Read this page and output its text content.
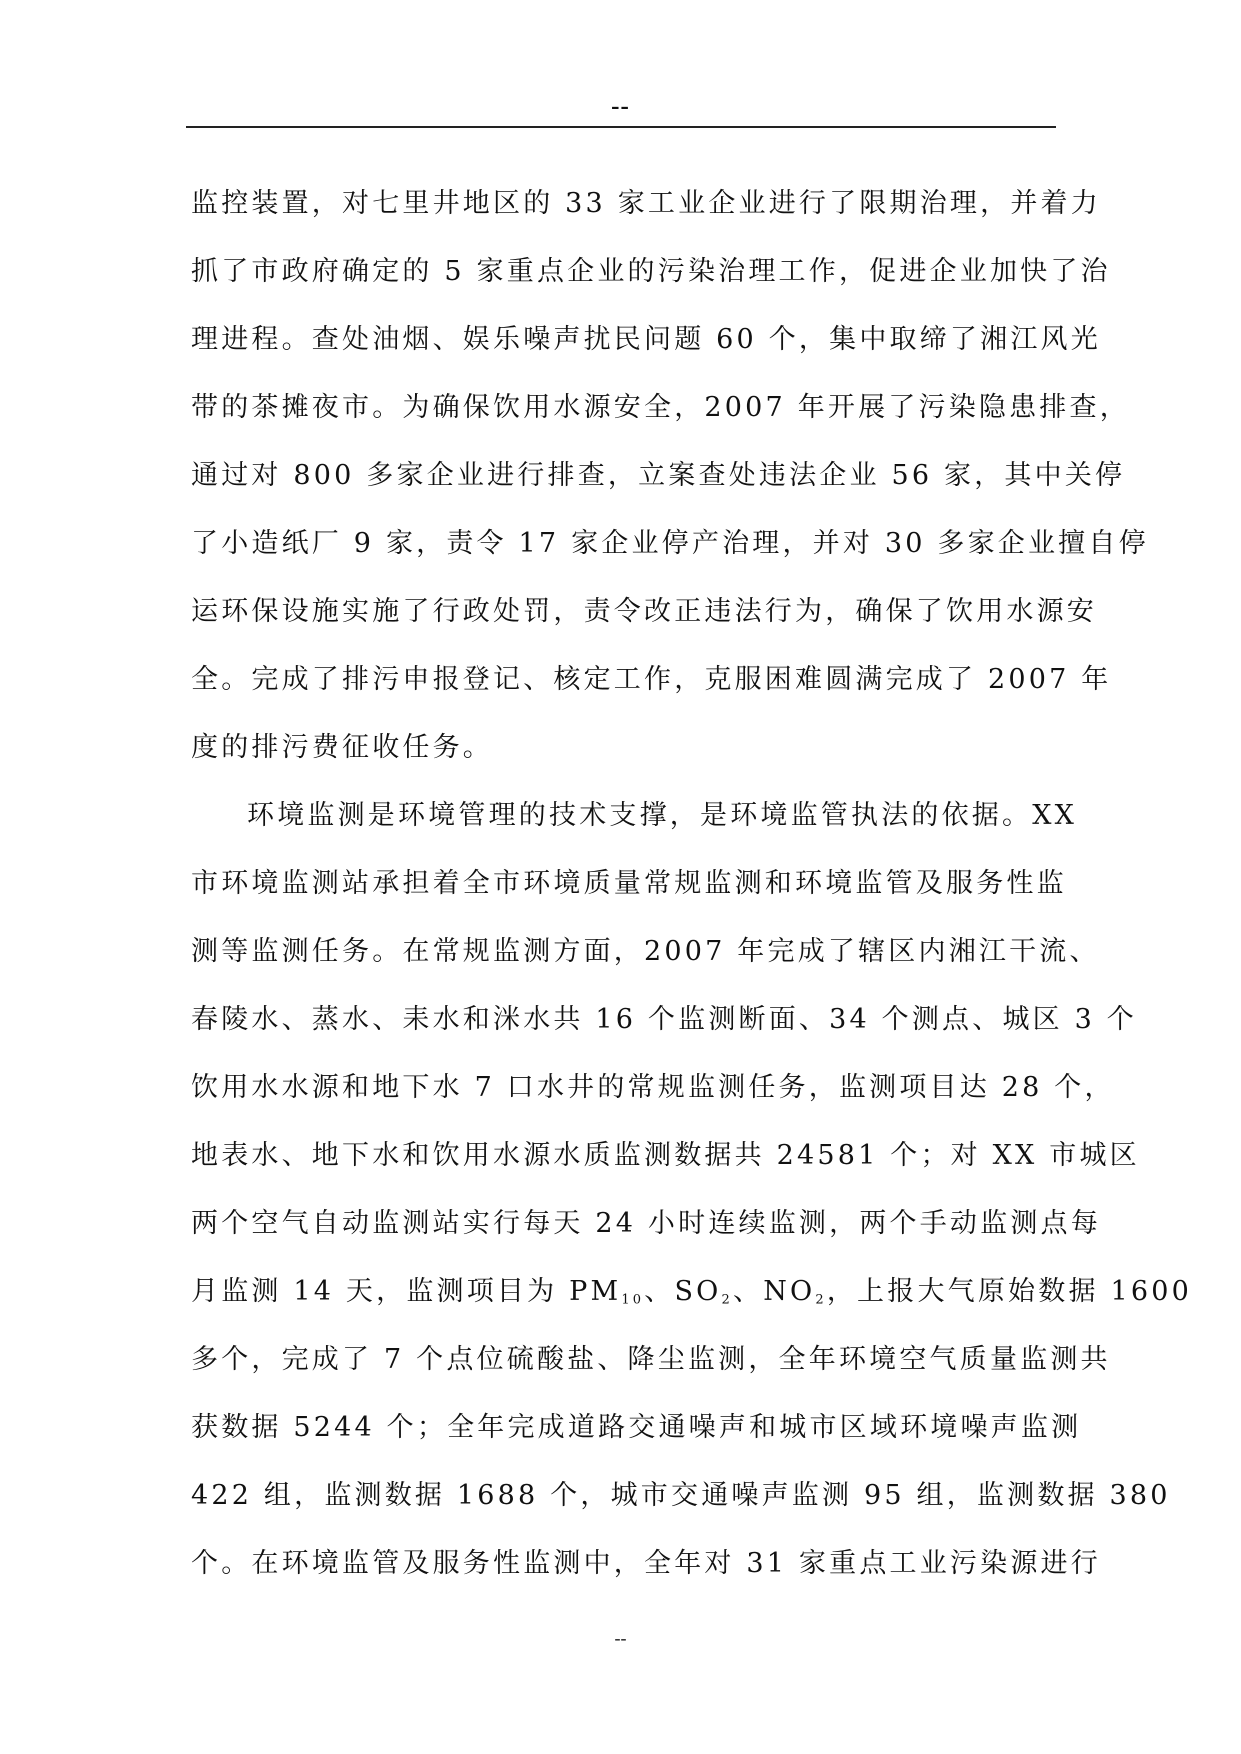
--
监控装置，对七里井地区的 33 家工业企业进行了限期治理，并着力
抓了市政府确定的 5 家重点企业的污染治理工作，促进企业加快了治
理进程。查处油烟、娱乐噪声扰民问题 60 个，集中取缔了湘江风光
带的茶摊夜市。为确保饮用水源安全，2007 年开展了污染隐患排查，
通过对 800 多家企业进行排查，立案查处违法企业 56 家，其中关停
了小造纸厂 9 家，责令 17 家企业停产治理，并对 30 多家企业擅自停
运环保设施实施了行政处罚，责令改正违法行为，确保了饮用水源安
全。完成了排污申报登记、核定工作，克服困难圆满完成了 2007 年
度的排污费征收任务。
环境监测是环境管理的技术支撑，是环境监管执法的依据。XX
市环境监测站承担着全市环境质量常规监测和环境监管及服务性监
测等监测任务。在常规监测方面，2007 年完成了辖区内湘江干流、
春陵水、蒸水、耒水和洣水共 16 个监测断面、34 个测点、城区 3 个
饮用水水源和地下水 7 口水井的常规监测任务，监测项目达 28 个，
地表水、地下水和饮用水源水质监测数据共 24581 个；对 XX 市城区
两个空气自动监测站实行每天 24 小时连续监测，两个手动监测点每
月监测 14 天，监测项目为 $PM_{10}$、$SO_2$、$NO_2$，上报大气原始数据 1600
多个，完成了 7 个点位硫酸盐、降尘监测，全年环境空气质量监测共
获数据 5244 个；全年完成道路交通噪声和城市区域环境噪声监测
422 组，监测数据 1688 个，城市交通噪声监测 95 组，监测数据 380
个。在环境监管及服务性监测中，全年对 31 家重点工业污染源进行
--
